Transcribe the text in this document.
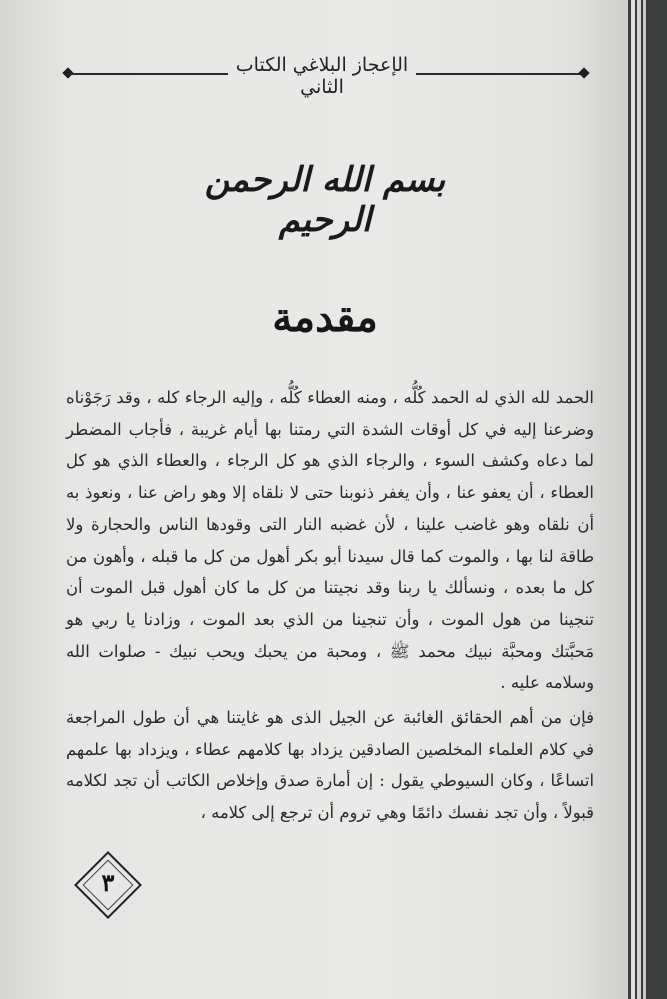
الإعجاز البلاغي الكتاب الثاني
بسم الله الرحمن الرحيم
مقدمة

الحمد لله الذي له الحمد كُلُّه ، ومنه العطاء كُلُّه ، وإليه الرجاء كله ، وقد رَجَوْناه وضرعنا إليه في كل أوقات الشدة التي رمتنا بها أيام غريبة ، فأجاب المضطر لما دعاه وكشف السوء ، والرجاء الذي هو كل الرجاء ، والعطاء الذي هو كل العطاء ، أن يعفو عنا ، وأن يغفر ذنوبنا حتى لا نلقاه إلا وهو راض عنا ، ونعوذ به أن نلقاه وهو غاضب علينا ، لأن غضبه النار التى وقودها الناس والحجارة ولا طاقة لنا بها ، والموت كما قال سيدنا أبو بكر أهول من كل ما قبله ، وأهون من كل ما بعده ، ونسألك يا ربنا وقد نجيتنا من كل ما كان أهول قبل الموت أن تنجينا من هول الموت ، وأن تنجينا من الذي بعد الموت ، وزادنا يا ربي هو مَحبَّتك ومحبَّة نبيك محمد ﷺ ، ومحبة من يحبك ويحب نبيك - صلوات الله وسلامه عليه .

فإن من أهم الحقائق الغائبة عن الجيل الذى هو غايتنا هي أن طول المراجعة في كلام العلماء المخلصين الصادقين يزداد بها كلامهم عطاء ، ويزداد بها علمهم اتساعًا ، وكان السيوطي يقول : إن أمارة صدق وإخلاص الكاتب أن تجد لكلامه قبولاً ، وأن تجد نفسك دائمًا وهي تروم أن ترجع إلى كلامه ،

٣
